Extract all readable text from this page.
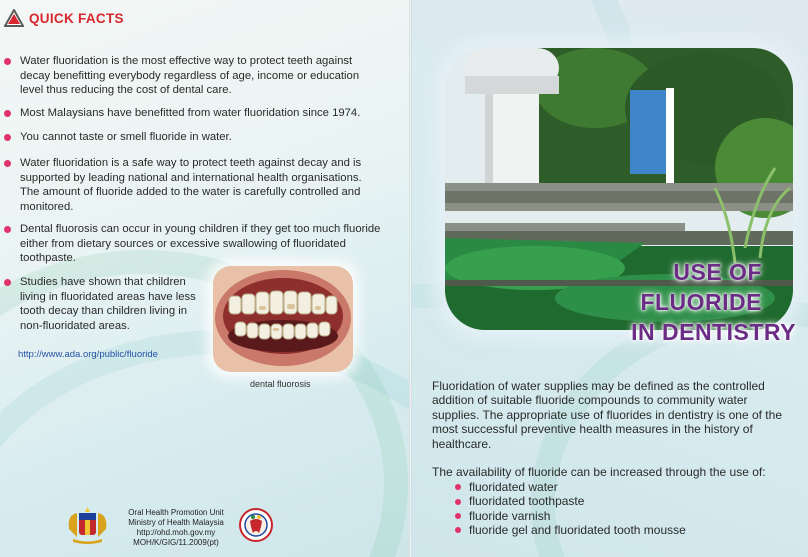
QUICK FACTS
Water fluoridation is the most effective way to protect teeth against decay benefitting everybody regardless of age, income or education level thus reducing the cost of dental care.
Most Malaysians have benefitted from water fluoridation since 1974.
You cannot taste or smell fluoride in water.
Water fluoridation is a safe way to protect teeth against decay and is supported by leading national and international health organisations. The amount of fluoride added to the water is carefully controlled and monitored.
Dental fluorosis can occur in young children if they get too much fluoride either from dietary sources or excessive swallowing of fluoridated toothpaste.
Studies have shown that children living in fluoridated areas have less tooth decay than children living in non-fluoridated areas.
http://www.ada.org/public/fluoride
dental fluorosis
Oral Health Promotion Unit
Ministry of Health Malaysia
http://ohd.moh.gov.my
MOH/K/GIG/11.2009(pt)
USE OF
FLUORIDE
IN DENTISTRY

Fluoridation of water supplies may be defined as the controlled addition of suitable fluoride compounds to community water supplies. The appropriate use of fluorides in dentistry is one of the most successful preventive health measures in the history of healthcare.

The availability of fluoride can be increased through the use of:

fluoridated water
fluoridated toothpaste
fluoride varnish
fluoride gel and fluoridated tooth mousse
